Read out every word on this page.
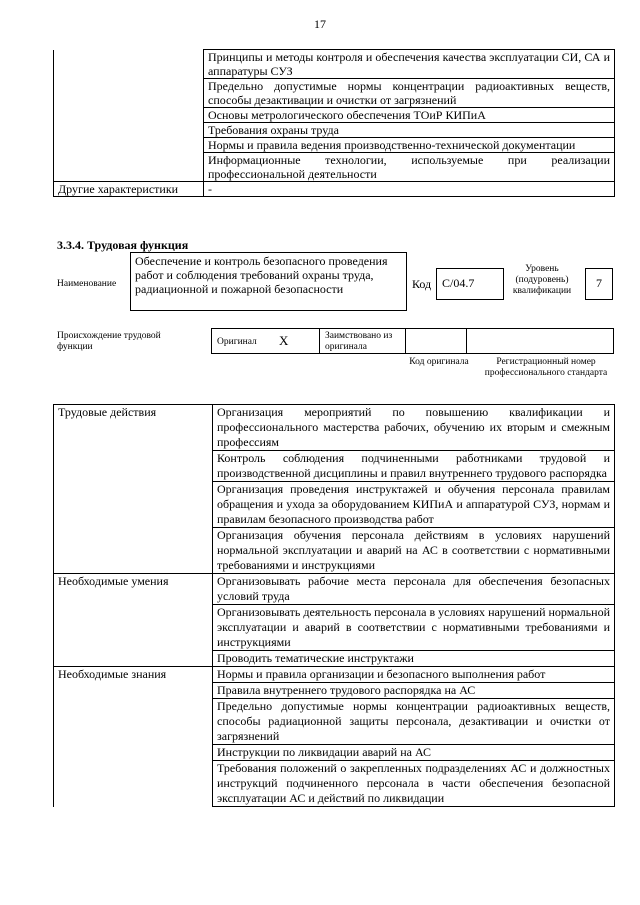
17
	Принципы и методы контроля и обеспечения качества эксплуатации СИ, СА и аппаратуры СУЗ
	Предельно допустимые нормы концентрации радиоактивных веществ, способы дезактивации и очистки от загрязнений
	Основы метрологического обеспечения ТОиР КИПиА
	Требования охраны труда
	Нормы и правила ведения производственно-технической документации
	Информационные технологии, используемые при реализации профессиональной деятельности
Другие характеристики	-
3.3.4. Трудовая функция
Наименование
Обеспечение и контроль безопасного проведения работ и соблюдения требований охраны труда, радиационной и пожарной безопасности	Код С/04.7
Уровень (подуровень) квалификации
7
Происхождение трудовой функции	Оригинал X	Заимствовано из оригинала
Код оригинала	Регистрационный номер профессионального стандарта
Трудовые действия	Организация мероприятий по повышению квалификации и профессионального мастерства рабочих, обучению их вторым и смежным профессиям
	Контроль соблюдения подчиненными работниками трудовой и производственной дисциплины и правил внутреннего трудового распорядка
	Организация проведения инструктажей и обучения персонала правилам обращения и ухода за оборудованием КИПиА и аппаратурой СУЗ, нормам и правилам безопасного производства работ
	Организация обучения персонала действиям в условиях нарушений нормальной эксплуатации и аварий на АС в соответствии с нормативными требованиями и инструкциями
Необходимые умения	Организовывать рабочие места персонала для обеспечения безопасных условий труда
	Организовывать деятельность персонала в условиях нарушений нормальной эксплуатации и аварий в соответствии с нормативными требованиями и инструкциями
	Проводить тематические инструктажи
Необходимые знания	Нормы и правила организации и безопасного выполнения работ
	Правила внутреннего трудового распорядка на АС
	Предельно допустимые нормы концентрации радиоактивных веществ, способы радиационной защиты персонала, дезактивации и очистки от загрязнений
	Инструкции по ликвидации аварий на АС
	Требования положений о закрепленных подразделениях АС и должностных инструкций подчиненного персонала в части обеспечения безопасной эксплуатации АС и действий по ликвидации
